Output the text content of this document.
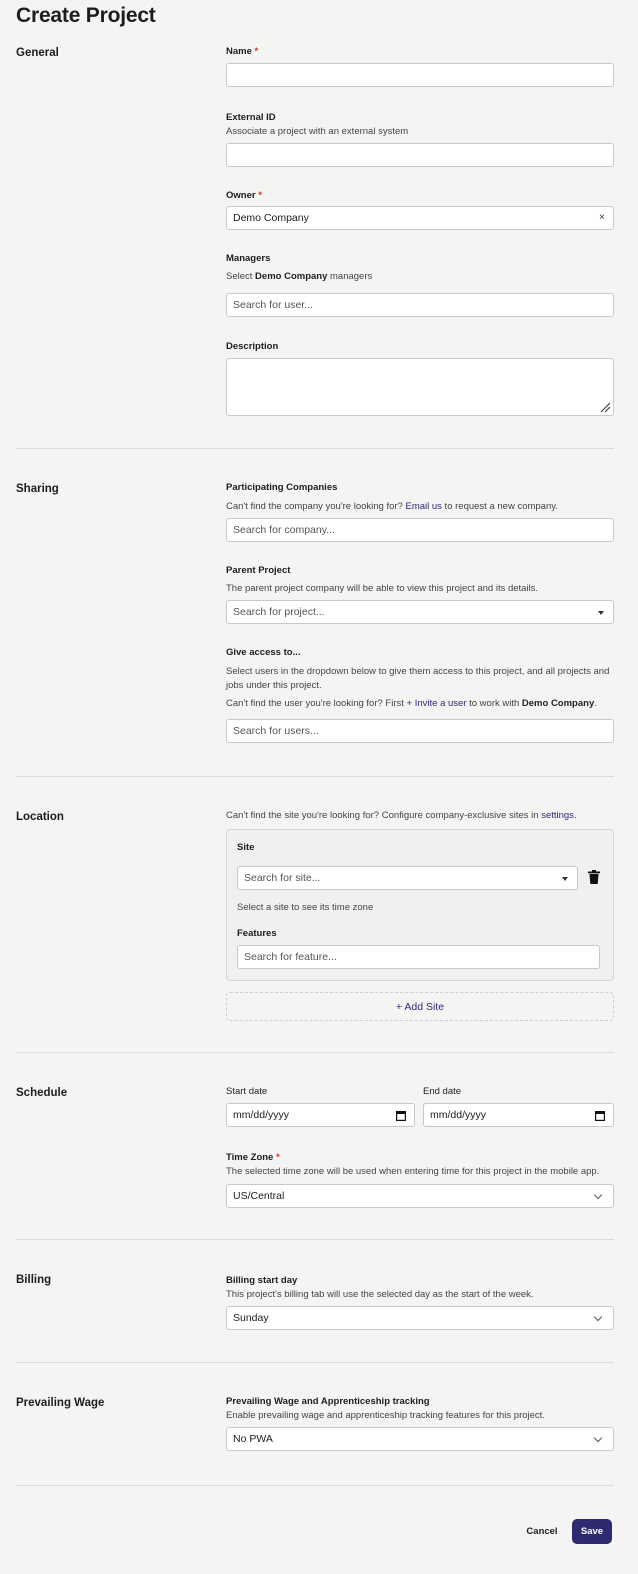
Create Project
General	Name *
External ID
Associate a project with an external system
Owner *
Demo Company	×
Managers
Select Demo Company managers
Search for user...
Description
Sharing	Participating Companies
Can't find the company you're looking for? Email us to request a new company.
Search for company...
Parent Project
The parent project company will be able to view this project and its details.
Search for project...
Give access to...
Select users in the dropdown below to give them access to this project, and all projects and jobs under this project.
Can't find the user you're looking for? First + Invite a user to work with Demo Company.
Search for users...
Location	Can't find the site you're looking for? Configure company-exclusive sites in settings.
Site
Search for site...
Select a site to see its time zone
Features
Search for feature...
+ Add Site
Schedule	Start date
mm/dd/yyyy
End date
mm/dd/yyyy
Time Zone *
The selected time zone will be used when entering time for this project in the mobile app.
US/Central
Billing	Billing start day
This project's billing tab will use the selected day as the start of the week.
Sunday
Prevailing Wage	Prevailing Wage and Apprenticeship tracking
Enable prevailing wage and apprenticeship tracking features for this project.
No PWA
Cancel	Save
